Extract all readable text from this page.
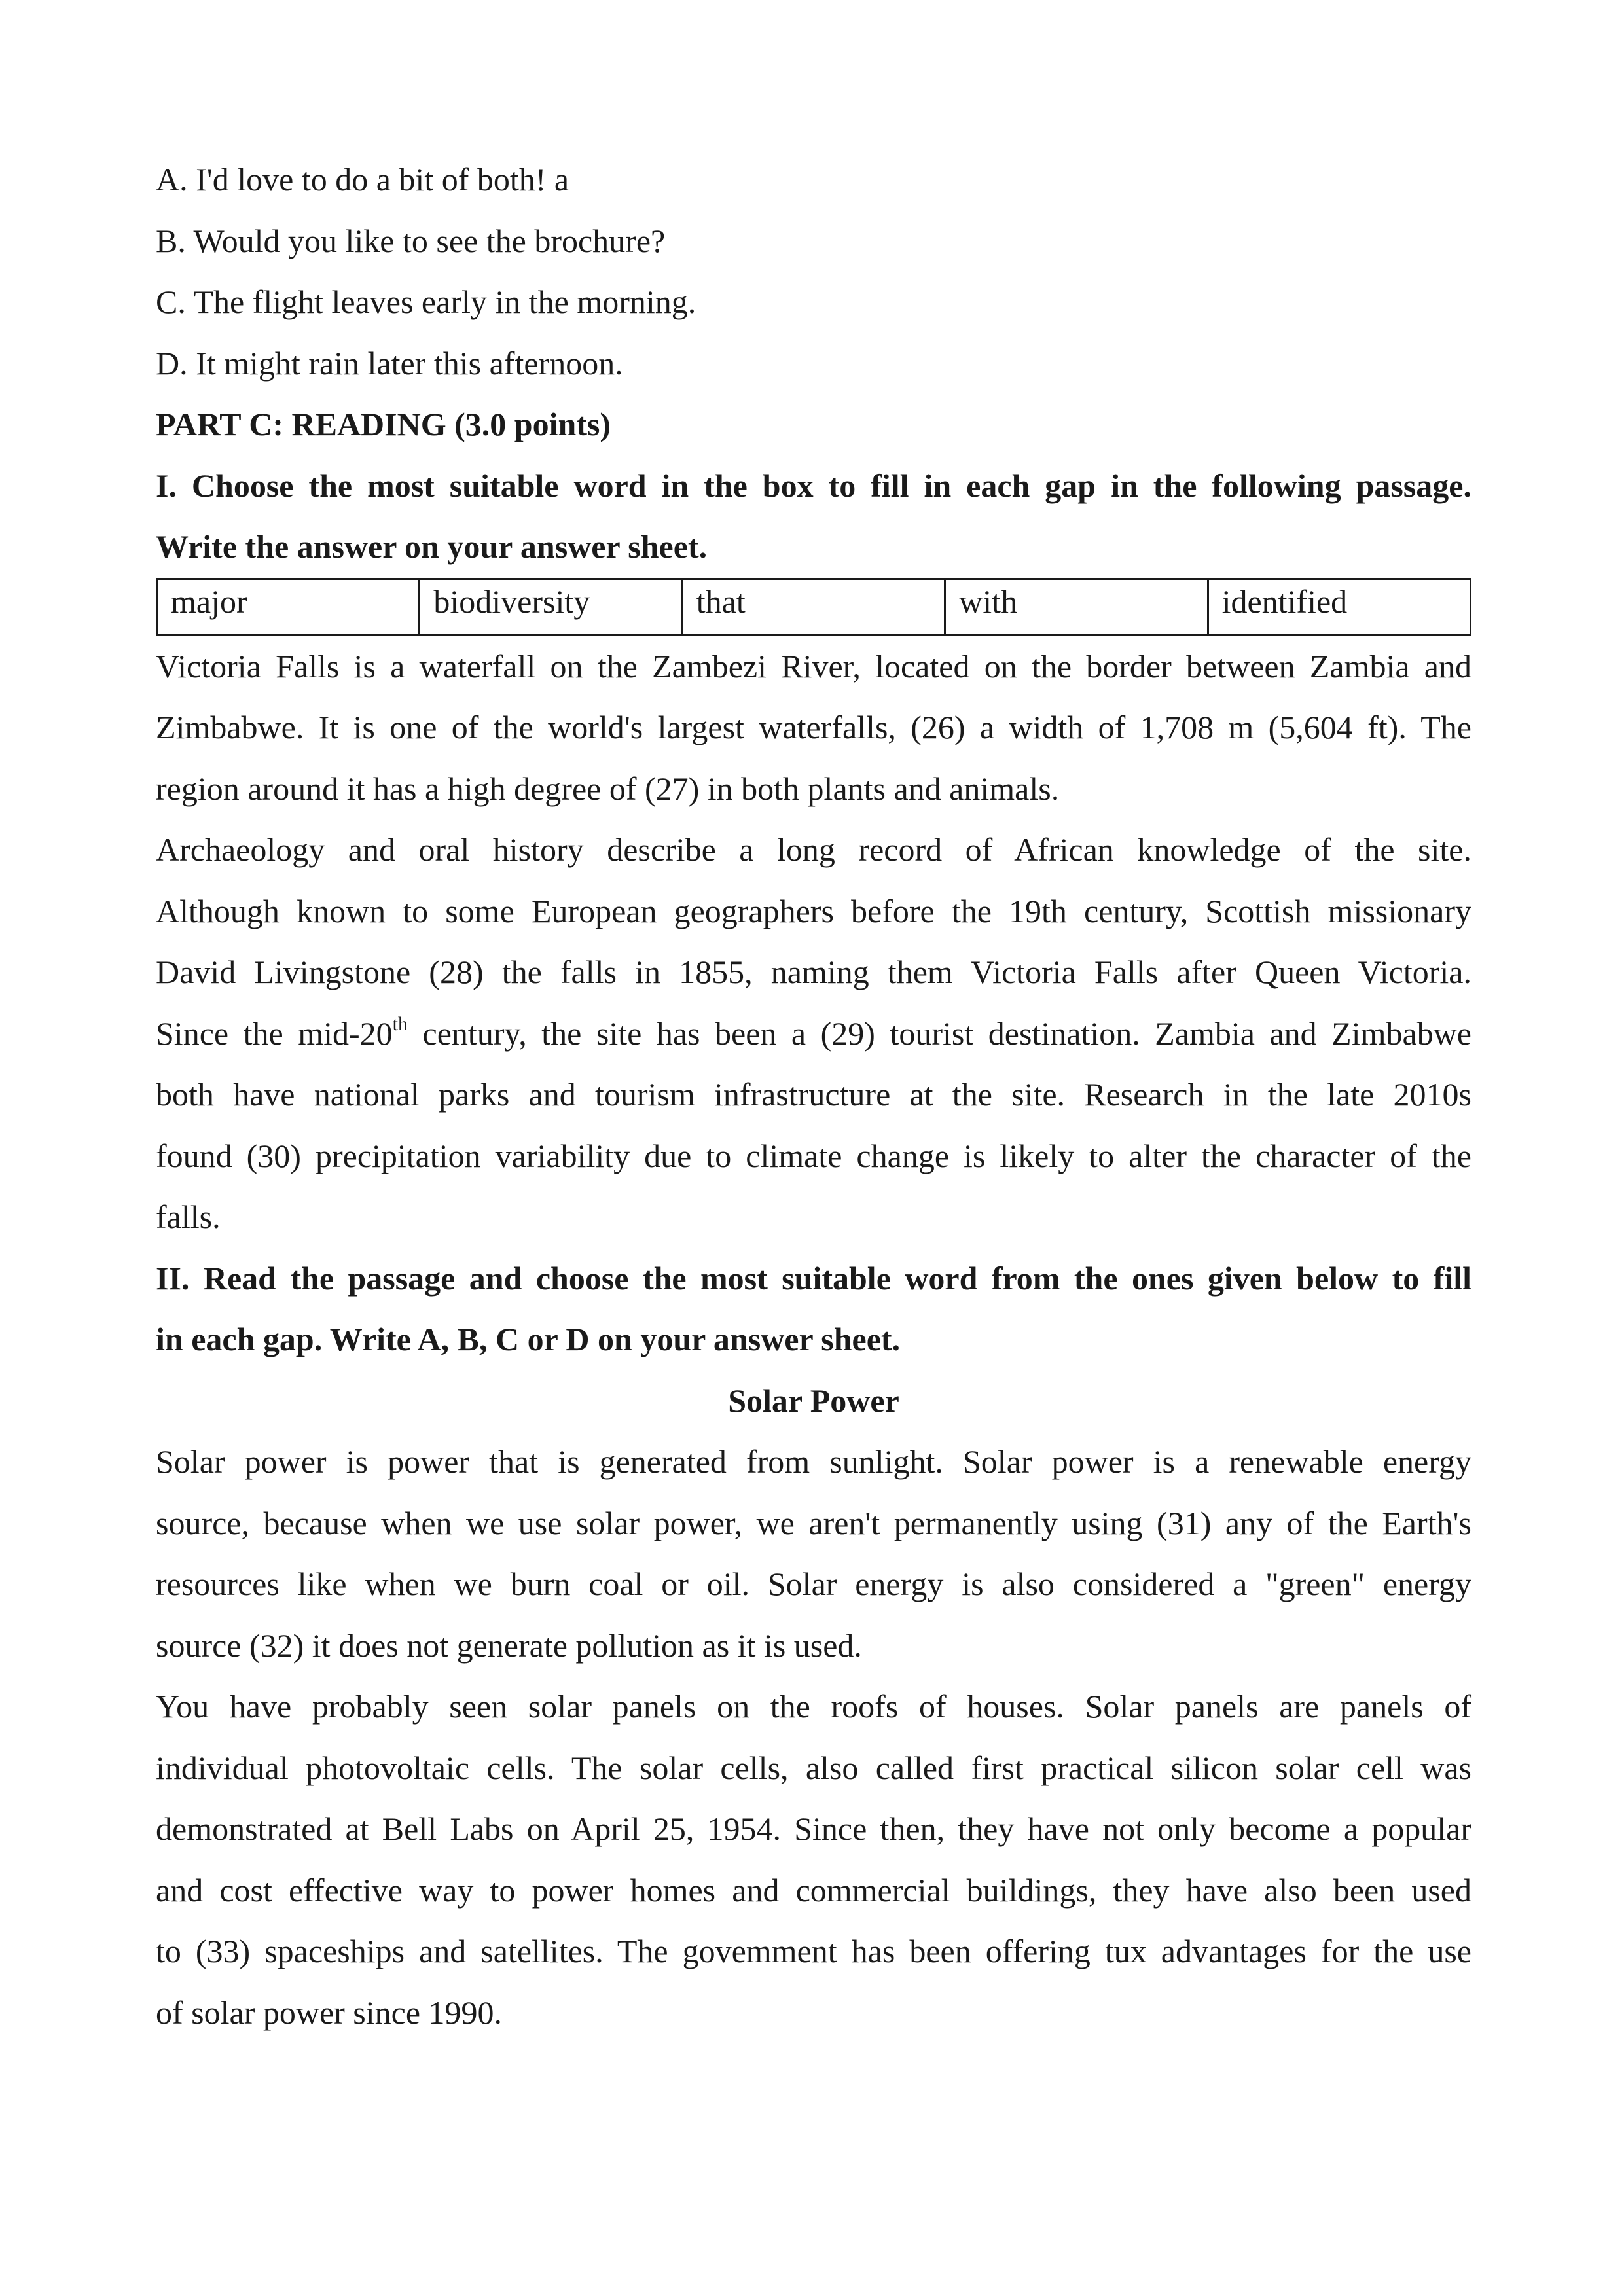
A. I'd love to do a bit of both! a

B. Would you like to see the brochure?

C. The flight leaves early in the morning.

D. It might rain later this afternoon.

PART C: READING (3.0 points)

I. Choose the most suitable word in the box to fill in each gap in the following passage.

Write the answer on your answer sheet.

major	biodiversity	that	with	identified

Victoria Falls is a waterfall on the Zambezi River, located on the border between Zambia and

Zimbabwe. It is one of the world's largest waterfalls, (26) a width of 1,708 m (5,604 ft). The

region around it has a high degree of (27) in both plants and animals.

Archaeology and oral history describe a long record of African knowledge of the site.

Although known to some European geographers before the 19th century, Scottish missionary

David Livingstone (28) the falls in 1855, naming them Victoria Falls after Queen Victoria.

Since the mid-20th century, the site has been a (29) tourist destination. Zambia and Zimbabwe

both have national parks and tourism infrastructure at the site. Research in the late 2010s

found (30) precipitation variability due to climate change is likely to alter the character of the

falls.

II. Read the passage and choose the most suitable word from the ones given below to fill

in each gap. Write A, B, C or D on your answer sheet.

Solar Power

Solar power is power that is generated from sunlight. Solar power is a renewable energy

source, because when we use solar power, we aren't permanently using (31) any of the Earth's

resources like when we burn coal or oil. Solar energy is also considered a "green" energy

source (32) it does not generate pollution as it is used.

You have probably seen solar panels on the roofs of houses. Solar panels are panels of

individual photovoltaic cells. The solar cells, also called first practical silicon solar cell was

demonstrated at Bell Labs on April 25, 1954. Since then, they have not only become a popular

and cost effective way to power homes and commercial buildings, they have also been used

to (33) spaceships and satellites. The govemment has been offering tux advantages for the use

of solar power since 1990.
